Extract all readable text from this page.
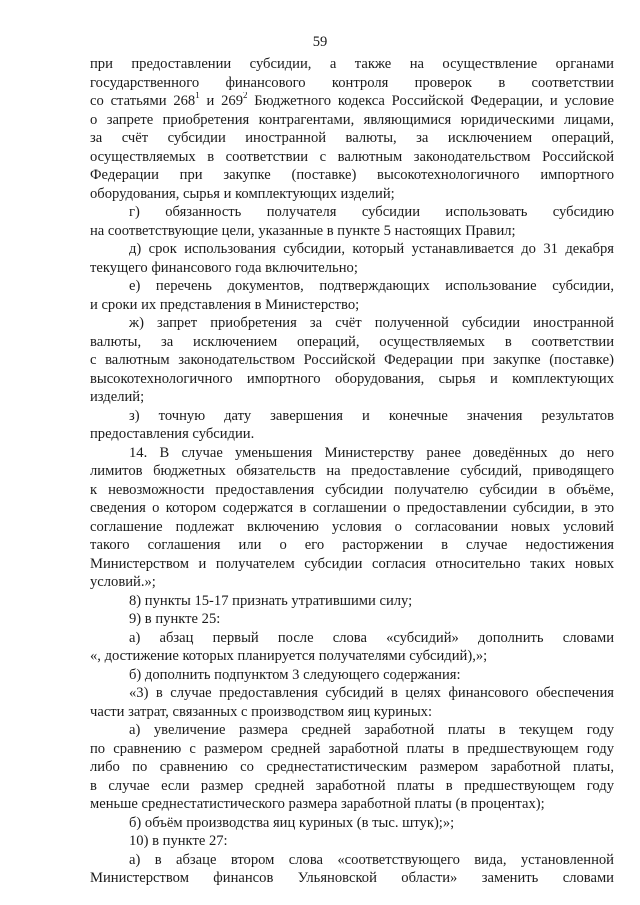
59
при предоставлении субсидии, а также на осуществление органами
государственного финансового контроля проверок в соответствии
со статьями $268^1$ и $269^2$ Бюджетного кодекса Российской Федерации, и условие
о запрете приобретения контрагентами, являющимися юридическими лицами,
за счёт субсидии иностранной валюты, за исключением операций,
осуществляемых в соответствии с валютным законодательством Российской
Федерации при закупке (поставке) высокотехнологичного импортного
оборудования, сырья и комплектующих изделий;
г) обязанность получателя субсидии использовать субсидию
на соответствующие цели, указанные в пункте 5 настоящих Правил;
д) срок использования субсидии, который устанавливается до 31 декабря
текущего финансового года включительно;
е) перечень документов, подтверждающих использование субсидии,
и сроки их представления в Министерство;
ж) запрет приобретения за счёт полученной субсидии иностранной
валюты, за исключением операций, осуществляемых в соответствии
с валютным законодательством Российской Федерации при закупке (поставке)
высокотехнологичного импортного оборудования, сырья и комплектующих
изделий;
з) точную дату завершения и конечные значения результатов
предоставления субсидии.
14. В случае уменьшения Министерству ранее доведённых до него
лимитов бюджетных обязательств на предоставление субсидий, приводящего
к невозможности предоставления субсидии получателю субсидии в объёме,
сведения о котором содержатся в соглашении о предоставлении субсидии, в это
соглашение подлежат включению условия о согласовании новых условий
такого соглашения или о его расторжении в случае недостижения
Министерством и получателем субсидии согласия относительно таких новых
условий.»;
8) пункты 15-17 признать утратившими силу;
9) в пункте 25:
а) абзац первый после слова «субсидий» дополнить словами
«, достижение которых планируется получателями субсидий),»;
б) дополнить подпунктом 3 следующего содержания:
«3) в случае предоставления субсидий в целях финансового обеспечения
части затрат, связанных с производством яиц куриных:
а) увеличение размера средней заработной платы в текущем году
по сравнению с размером средней заработной платы в предшествующем году
либо по сравнению со среднестатистическим размером заработной платы,
в случае если размер средней заработной платы в предшествующем году
меньше среднестатистического размера заработной платы (в процентах);
б) объём производства яиц куриных (в тыс. штук);»;
10) в пункте 27:
а) в абзаце втором слова «соответствующего вида, установленной
Министерством финансов Ульяновской области» заменить словами
